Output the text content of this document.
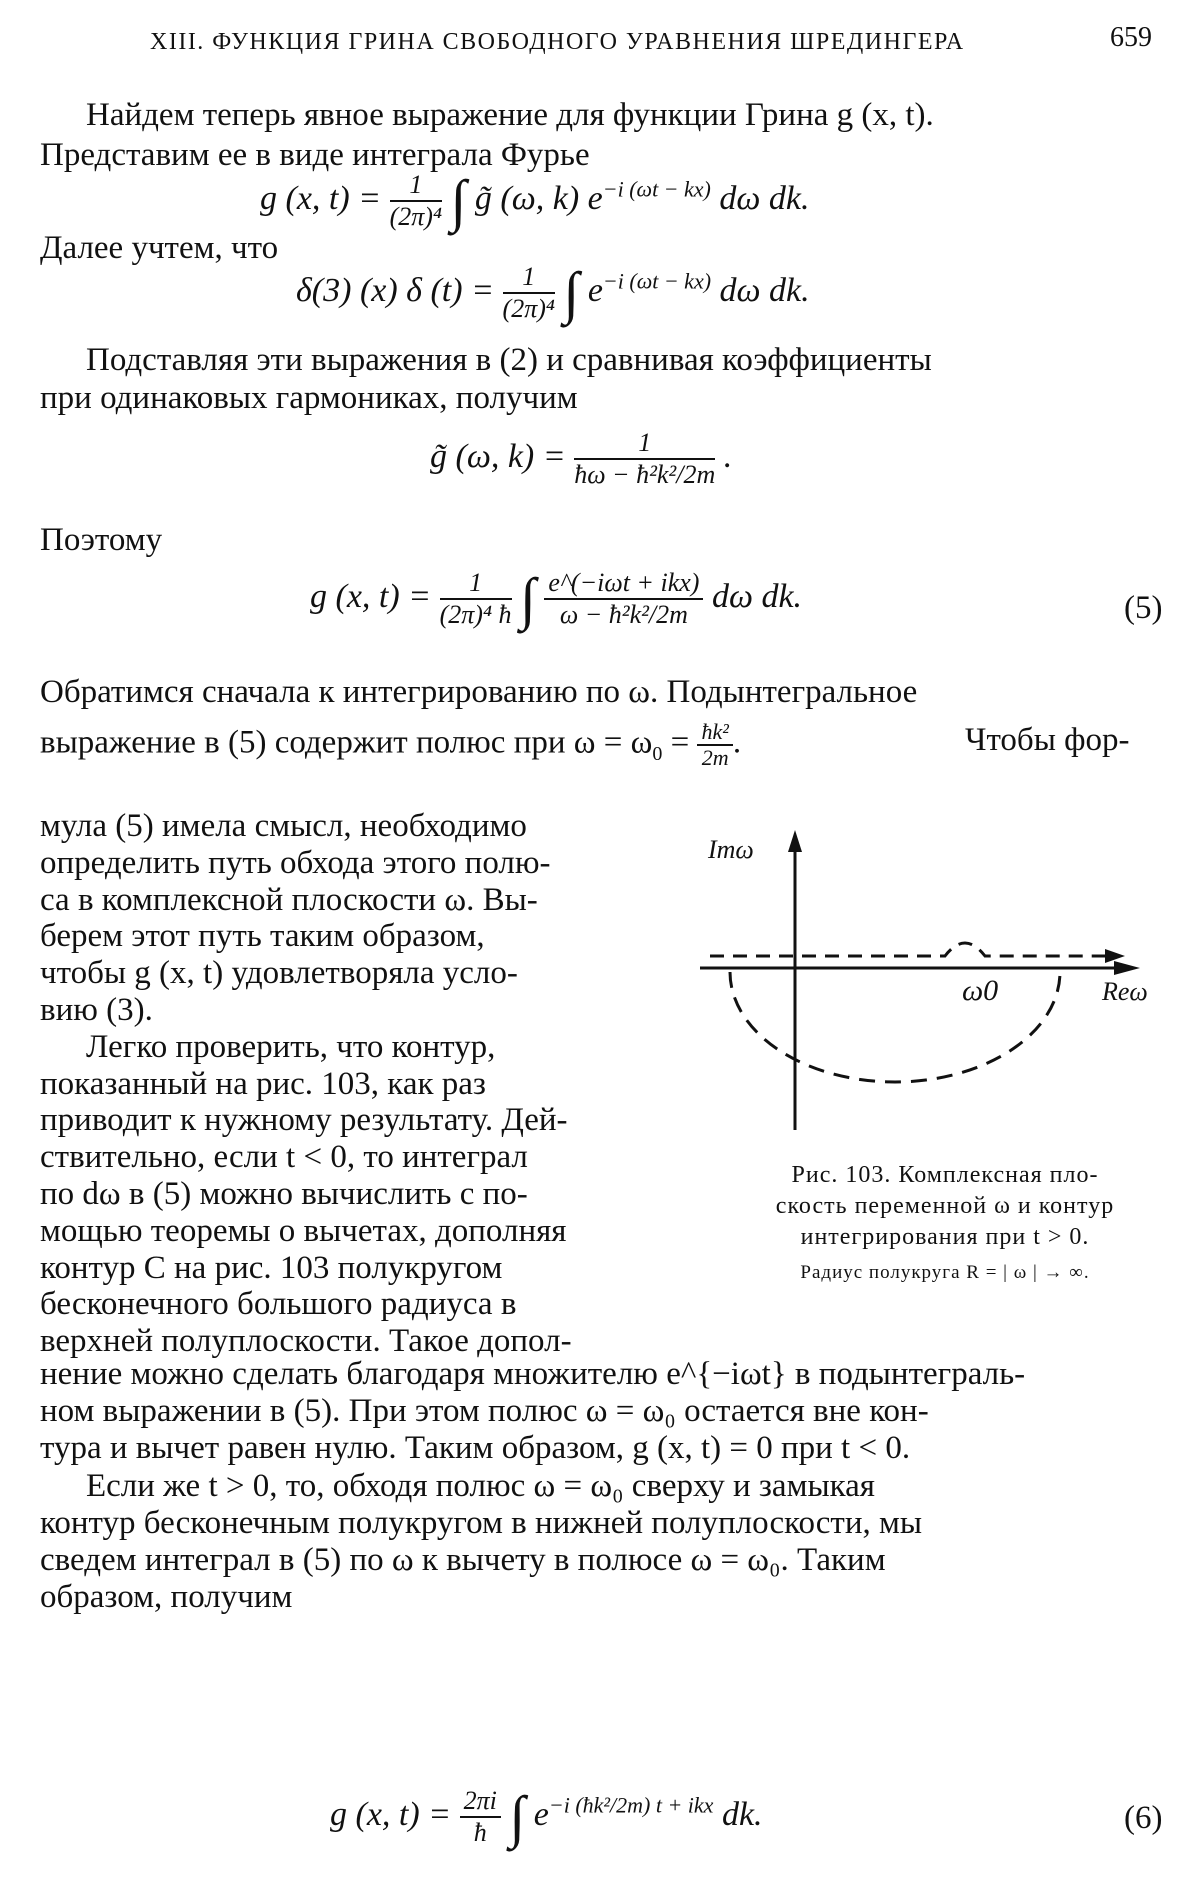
XIII. ФУНКЦИЯ ГРИНА СВОБОДНОГО УРАВНЕНИЯ ШРЕДИНГЕРА	659
Найдем теперь явное выражение для функции Грина g (x, t).
Представим ее в виде интеграла Фурье
g (x, $t) = \frac{1}{\text{(2π)⁴}}$ ∫ g̃ (ω, k) $e^{-i (\omega t - kx)}$ dω dk.
Далее учтем, что
δ(3) (x) δ $(t) = \frac{1}{\text{(2π)⁴}}$ ∫ $e^{-i (\omega t - kx)}$ dω dk.
Подставляя эти выражения в (2) и сравнивая коэффициенты
при одинаковых гармониках, получим
g̃ (ω, $k) = \frac{1}{\text{ħω − ħ²k²/2m}}$ .
Поэтому
g (x, $t) = \frac{1}{\text{(2π)⁴ ħ}}$ ∫ $\frac{\text{e\textasciicircum{}(−iωt + ikx)}}{\text{ω − ħ²k²/2m}}$ dω dk.	(5)
Обратимся сначала к интегрированию по ω. Подынтегральное
выражение в (5) содержит полюс при $\omega = \omega_0 = \frac{\text{ħk²}}{2m}$ .	Чтобы фор-
мула (5) имела смысл, необходимо
определить путь обхода этого полю-
са в комплексной плоскости ω. Вы-
берем этот путь таким образом,
чтобы g (x, t) удовлетворяла усло-
вию (3).
Легко проверить, что контур,
показанный на рис. 103, как раз
приводит к нужному результату. Дей-
ствительно, если t < 0, то интеграл
по dω в (5) можно вычислить с по-
мощью теоремы о вычетах, дополняя
контур C на рис. 103 полукругом
бесконечного большого радиуса в
верхней полуплоскости. Такое допол-
Imω
Reω
ω0
Рис. 103. Комплексная пло-
скость переменной ω и контур
интегрирования при t > 0.
Радиус полукруга R = | ω | → ∞.
нение можно сделать благодаря множителю e^{−iωt} в подынтеграль-
ном выражении в (5). При этом полюс ω = ω₀ остается вне кон-
тура и вычет равен нулю. Таким образом, g (x, t) = 0 при t < 0.
Если же t > 0, то, обходя полюс ω = ω₀ сверху и замыкая
контур бесконечным полукругом в нижней полуплоскости, мы
сведем интеграл в (5) по ω к вычету в полюсе ω = ω₀. Таким
образом, получим
g (x, $t) = \frac{2\pi i}{ħ}$ ∫ $e^{-i (ħk^2/2m) t + ikx}$ dk.	(6)
